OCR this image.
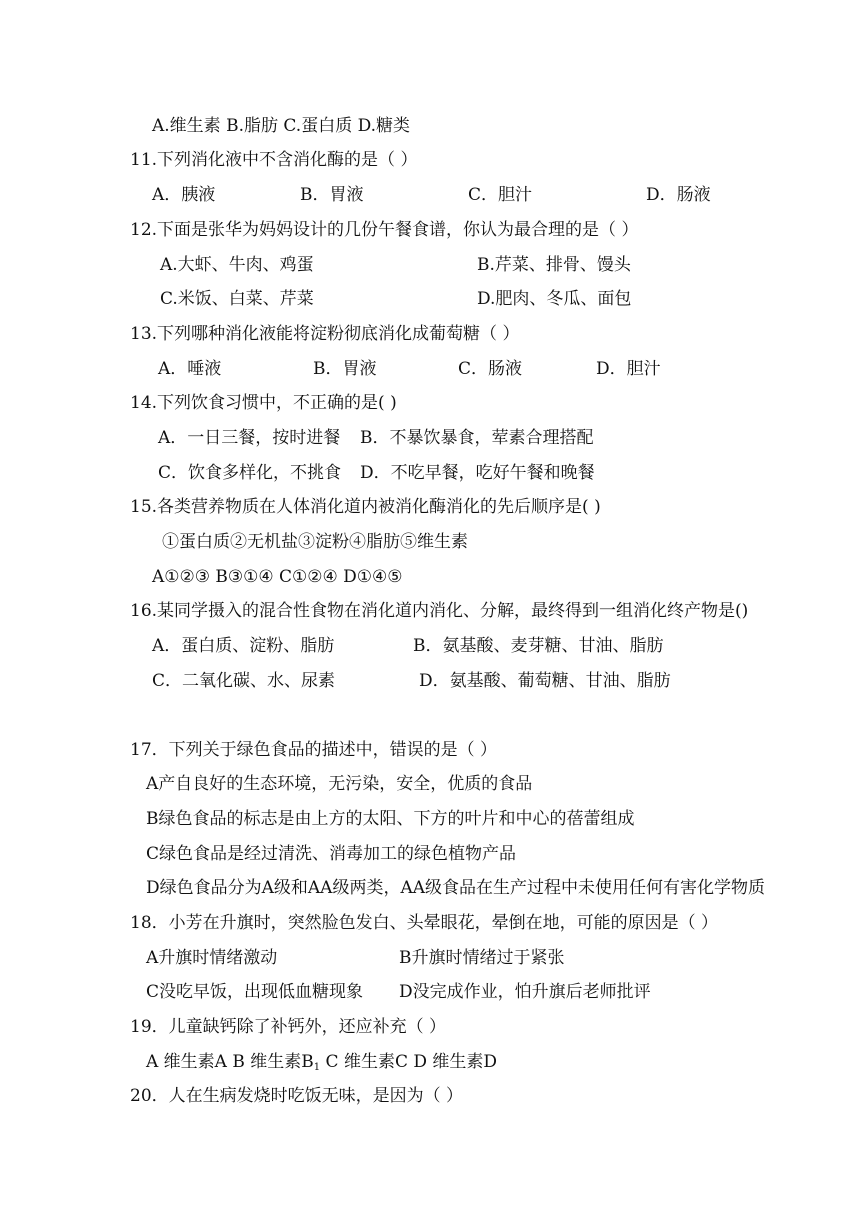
A.维生素 B.脂肪 C.蛋白质 D.糖类
11.下列消化液中不含消化酶的是（ ）
A．胰液	B．胃液	C．胆汁	D．肠液
12.下面是张华为妈妈设计的几份午餐食谱，你认为最合理的是（ ）
A.大虾、牛肉、鸡蛋	B.芹菜、排骨、馒头
C.米饭、白菜、芹菜	D.肥肉、冬瓜、面包
13.下列哪种消化液能将淀粉彻底消化成葡萄糖（ ）
A．唾液	B．胃液	C．肠液	D．胆汁
14.下列饮食习惯中，不正确的是( )
A．一日三餐，按时进餐 B．不暴饮暴食，荤素合理搭配
C．饮食多样化，不挑食 D．不吃早餐，吃好午餐和晚餐
15.各类营养物质在人体消化道内被消化酶消化的先后顺序是( )
①蛋白质②无机盐③淀粉④脂肪⑤维生素
A①②③ B③①④ C①②④ D①④⑤
16.某同学摄入的混合性食物在消化道内消化、分解，最终得到一组消化终产物是()
A．蛋白质、淀粉、脂肪	B．氨基酸、麦芽糖、甘油、脂肪
C．二氧化碳、水、尿素	D．氨基酸、葡萄糖、甘油、脂肪
17．下列关于绿色食品的描述中，错误的是（ ）
A产自良好的生态环境，无污染，安全，优质的食品
B绿色食品的标志是由上方的太阳、下方的叶片和中心的蓓蕾组成
C绿色食品是经过清洗、消毒加工的绿色植物产品
D绿色食品分为A级和AA级两类，AA级食品在生产过程中未使用任何有害化学物质
18．小芳在升旗时，突然脸色发白、头晕眼花，晕倒在地，可能的原因是（ ）
A升旗时情绪激动	B升旗时情绪过于紧张
C没吃早饭，出现低血糖现象 D没完成作业，怕升旗后老师批评
19．儿童缺钙除了补钙外，还应补充（ ）
A 维生素A B 维生素$B_1$ C 维生素C D 维生素D
20．人在生病发烧时吃饭无味，是因为（ ）
